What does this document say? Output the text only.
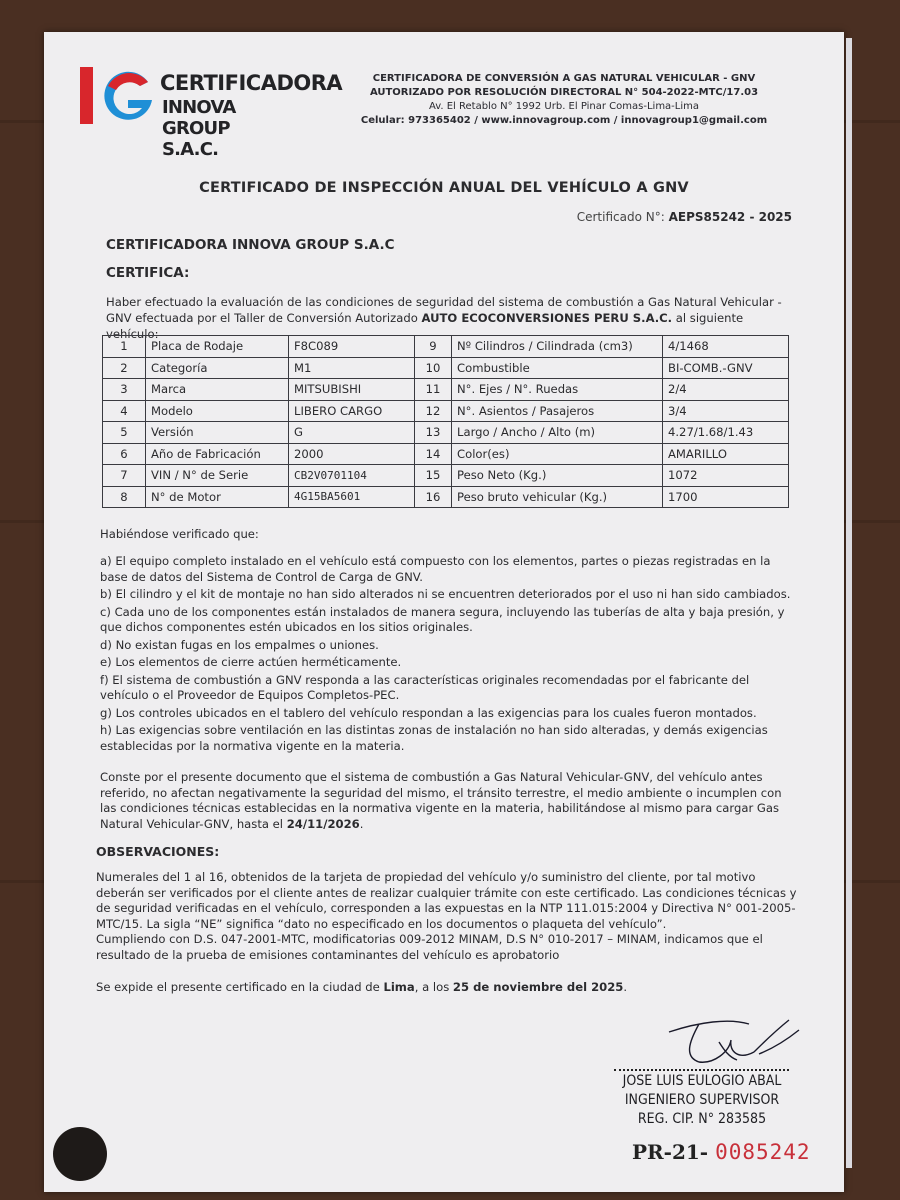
CERTIFICADORA
INNOVA GROUP S.A.C.
CERTIFICADORA DE CONVERSIÓN A GAS NATURAL VEHICULAR - GNV
AUTORIZADO POR RESOLUCIÓN DIRECTORAL N° 504-2022-MTC/17.03
Av. El Retablo N° 1992 Urb. El Pinar Comas-Lima-Lima
Celular: 973365402 / www.innovagroup.com / innovagroup1@gmail.com
CERTIFICADO DE INSPECCIÓN ANUAL DEL VEHÍCULO A GNV
Certificado N°: AEPS85242 - 2025
CERTIFICADORA INNOVA GROUP S.A.C
CERTIFICA:
Haber efectuado la evaluación de las condiciones de seguridad del sistema de combustión a Gas Natural Vehicular - GNV efectuada por el Taller de Conversión Autorizado AUTO ECOCONVERSIONES PERU S.A.C. al siguiente vehículo:
1	Placa de Rodaje	F8C089	9	Nº Cilindros / Cilindrada (cm3)	4/1468
2	Categoría	M1	10	Combustible	BI-COMB.-GNV
3	Marca	MITSUBISHI	11	N°. Ejes / N°. Ruedas	2/4
4	Modelo	LIBERO CARGO	12	N°. Asientos / Pasajeros	3/4
5	Versión	G	13	Largo / Ancho / Alto (m)	4.27/1.68/1.43
6	Año de Fabricación	2000	14	Color(es)	AMARILLO
7	VIN / N° de Serie	CB2V0701104	15	Peso Neto (Kg.)	1072
8	N° de Motor	4G15BA5601	16	Peso bruto vehicular (Kg.)	1700
Habiéndose verificado que:
a) El equipo completo instalado en el vehículo está compuesto con los elementos, partes o piezas registradas en la base de datos del Sistema de Control de Carga de GNV.
b) El cilindro y el kit de montaje no han sido alterados ni se encuentren deteriorados por el uso ni han sido cambiados.
c) Cada uno de los componentes están instalados de manera segura, incluyendo las tuberías de alta y baja presión, y que dichos componentes estén ubicados en los sitios originales.
d) No existan fugas en los empalmes o uniones.
e) Los elementos de cierre actúen herméticamente.
f) El sistema de combustión a GNV responda a las características originales recomendadas por el fabricante del vehículo o el Proveedor de Equipos Completos-PEC.
g) Los controles ubicados en el tablero del vehículo respondan a las exigencias para los cuales fueron montados.
h) Las exigencias sobre ventilación en las distintas zonas de instalación no han sido alteradas, y demás exigencias establecidas por la normativa vigente en la materia.
Conste por el presente documento que el sistema de combustión a Gas Natural Vehicular-GNV, del vehículo antes referido, no afectan negativamente la seguridad del mismo, el tránsito terrestre, el medio ambiente o incumplen con las condiciones técnicas establecidas en la normativa vigente en la materia, habilitándose al mismo para cargar Gas Natural Vehicular-GNV, hasta el 24/11/2026.
OBSERVACIONES:
Numerales del 1 al 16, obtenidos de la tarjeta de propiedad del vehículo y/o suministro del cliente, por tal motivo deberán ser verificados por el cliente antes de realizar cualquier trámite con este certificado. Las condiciones técnicas y de seguridad verificadas en el vehículo, corresponden a las expuestas en la NTP 111.015:2004 y Directiva N° 001-2005-MTC/15. La sigla “NE” significa “dato no especificado en los documentos o plaqueta del vehículo”.
Cumpliendo con D.S. 047-2001-MTC, modificatorias 009-2012 MINAM, D.S N° 010-2017 – MINAM, indicamos que el resultado de la prueba de emisiones contaminantes del vehículo es aprobatorio
Se expide el presente certificado en la ciudad de Lima, a los 25 de noviembre del 2025.
JOSE LUIS EULOGIO ABAL
INGENIERO SUPERVISOR
REG. CIP. N° 283585
PR-21- 0085242
